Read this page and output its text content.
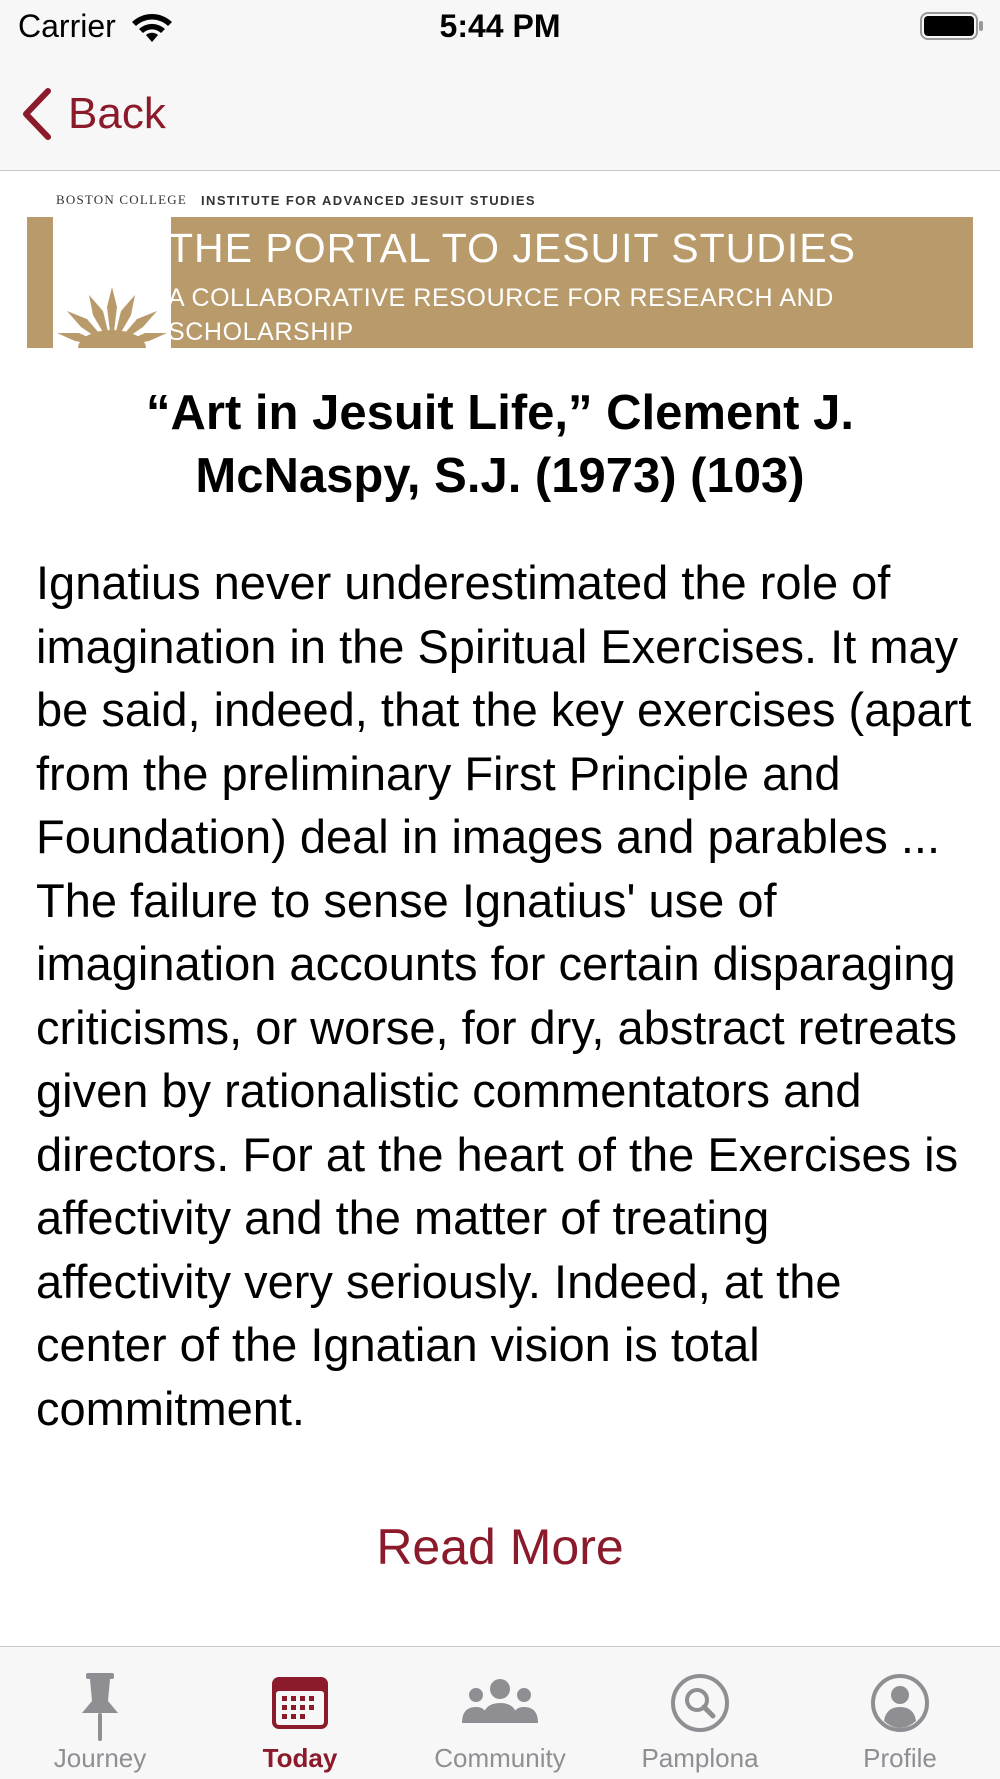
Carrier	5:44 PM
Back
BOSTON COLLEGE INSTITUTE FOR ADVANCED JESUIT STUDIES
THE PORTAL TO JESUIT STUDIES
A COLLABORATIVE RESOURCE FOR RESEARCH AND SCHOLARSHIP
“Art in Jesuit Life,” Clement J. McNaspy, S.J. (1973) (103)

Ignatius never underestimated the role of imagination in the Spiritual Exercises. It may be said, indeed, that the key exercises (apart from the preliminary First Principle and Foundation) deal in images and parables ... The failure to sense Ignatius' use of imagination accounts for certain disparaging criticisms, or worse, for dry, abstract retreats given by rationalistic commentators and directors. For at the heart of the Exercises is affectivity and the matter of treating affectivity very seriously. Indeed, at the center of the Ignatian vision is total commitment.

Read More
Journey	Today	Community	Pamplona	Profile
